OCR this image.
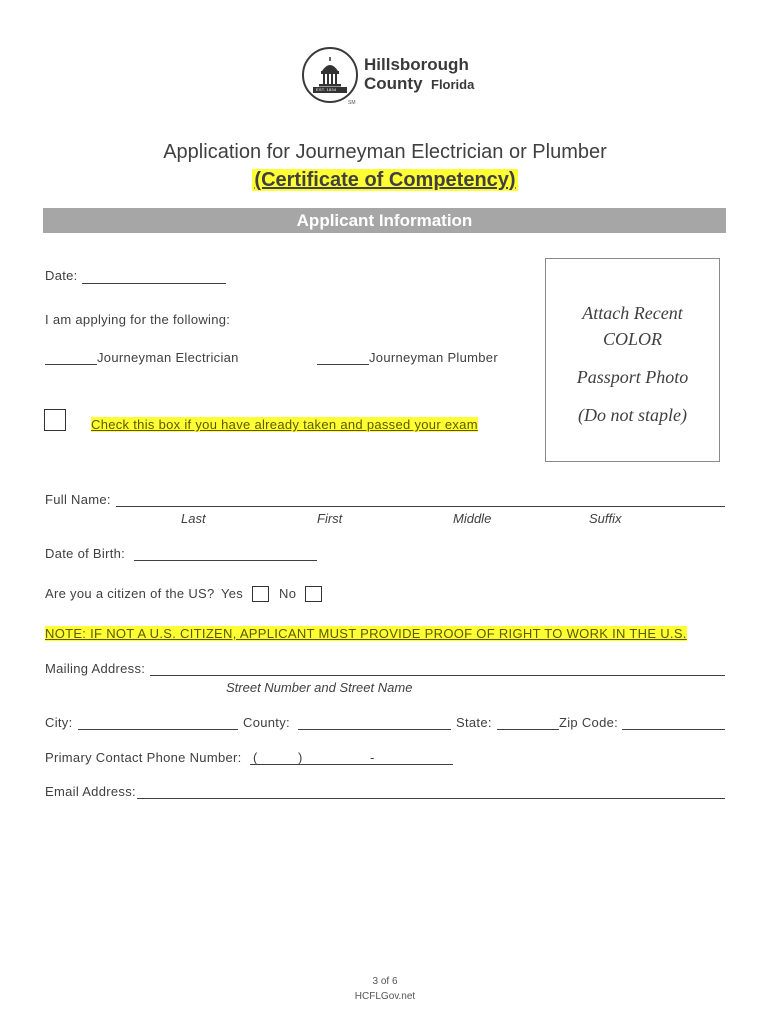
EST. 1834
Hillsborough
County Florida
SM
Application for Journeyman Electrician or Plumber
(Certificate of Competency)
Applicant Information
Date:
I am applying for the following:
Journeyman Electrician	Journeyman Plumber
Check this box if you have already taken and passed your exam
Attach Recent
COLOR
Passport Photo
(Do not staple)
Full Name:
Last	First	Middle	Suffix
Date of Birth:
Are you a citizen of the US? Yes	No
NOTE: IF NOT A U.S. CITIZEN, APPLICANT MUST PROVIDE PROOF OF RIGHT TO WORK IN THE U.S.
Mailing Address:
Street Number and Street Name
City:	County:	State:	Zip Code:
Primary Contact Phone Number: (	)	-
Email Address:
3 of 6
HCFLGov.net
